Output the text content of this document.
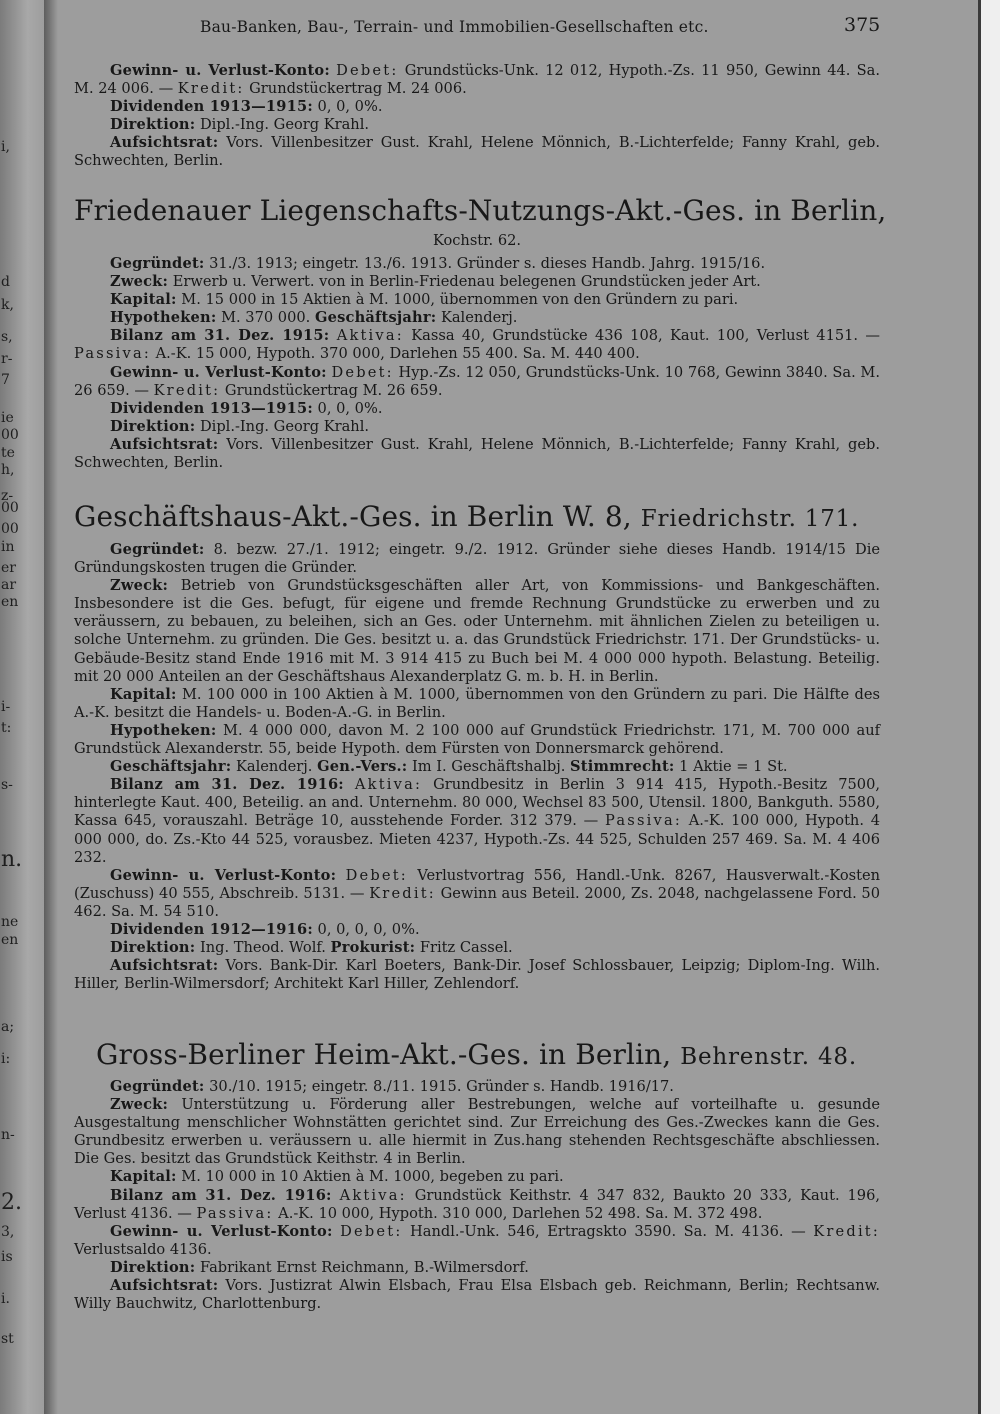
i,
d
k,
s,
r-
7
ie
00
te
h,
z-
00
00
in
er
ar
en
i-
t:
s-
n.
ne
en
a;
i:
n-
2.
3,
is
i.
st
Bau-Banken, Bau-, Terrain- und Immobilien-Gesellschaften etc.	375

Gewinn- u. Verlust-Konto: Debet: Grundstücks-Unk. 12 012, Hypoth.-Zs. 11 950, Gewinn 44. Sa. M. 24 006. — Kredit: Grundstückertrag M. 24 006.

Dividenden 1913—1915: 0, 0, 0%.

Direktion: Dipl.-Ing. Georg Krahl.

Aufsichtsrat: Vors. Villenbesitzer Gust. Krahl, Helene Mönnich, B.-Lichterfelde; Fanny Krahl, geb. Schwechten, Berlin.

Friedenauer Liegenschafts-Nutzungs-Akt.-Ges. in Berlin,
Kochstr. 62.

Gegründet: 31./3. 1913; eingetr. 13./6. 1913. Gründer s. dieses Handb. Jahrg. 1915/16.

Zweck: Erwerb u. Verwert. von in Berlin-Friedenau belegenen Grundstücken jeder Art.

Kapital: M. 15 000 in 15 Aktien à M. 1000, übernommen von den Gründern zu pari.

Hypotheken: M. 370 000. Geschäftsjahr: Kalenderj.

Bilanz am 31. Dez. 1915: Aktiva: Kassa 40, Grundstücke 436 108, Kaut. 100, Verlust 4151. — Passiva: A.-K. 15 000, Hypoth. 370 000, Darlehen 55 400. Sa. M. 440 400.

Gewinn- u. Verlust-Konto: Debet: Hyp.-Zs. 12 050, Grundstücks-Unk. 10 768, Gewinn 3840. Sa. M. 26 659. — Kredit: Grundstückertrag M. 26 659.

Dividenden 1913—1915: 0, 0, 0%.

Direktion: Dipl.-Ing. Georg Krahl.

Aufsichtsrat: Vors. Villenbesitzer Gust. Krahl, Helene Mönnich, B.-Lichterfelde; Fanny Krahl, geb. Schwechten, Berlin.

Geschäftshaus-Akt.-Ges. in Berlin W. 8, Friedrichstr. 171.

Gegründet: 8. bezw. 27./1. 1912; eingetr. 9./2. 1912. Gründer siehe dieses Handb. 1914/15 Die Gründungskosten trugen die Gründer.

Zweck: Betrieb von Grundstücksgeschäften aller Art, von Kommissions- und Bankgeschäften. Insbesondere ist die Ges. befugt, für eigene und fremde Rechnung Grundstücke zu erwerben und zu veräussern, zu bebauen, zu beleihen, sich an Ges. oder Unternehm. mit ähnlichen Zielen zu beteiligen u. solche Unternehm. zu gründen. Die Ges. besitzt u. a. das Grundstück Friedrichstr. 171. Der Grundstücks- u. Gebäude-Besitz stand Ende 1916 mit M. 3 914 415 zu Buch bei M. 4 000 000 hypoth. Belastung. Beteilig. mit 20 000 Anteilen an der Geschäftshaus Alexanderplatz G. m. b. H. in Berlin.

Kapital: M. 100 000 in 100 Aktien à M. 1000, übernommen von den Gründern zu pari. Die Hälfte des A.-K. besitzt die Handels- u. Boden-A.-G. in Berlin.

Hypotheken: M. 4 000 000, davon M. 2 100 000 auf Grundstück Friedrichstr. 171, M. 700 000 auf Grundstück Alexanderstr. 55, beide Hypoth. dem Fürsten von Donnersmarck gehörend.

Geschäftsjahr: Kalenderj. Gen.-Vers.: Im I. Geschäftshalbj. Stimmrecht: 1 Aktie = 1 St.

Bilanz am 31. Dez. 1916: Aktiva: Grundbesitz in Berlin 3 914 415, Hypoth.-Besitz 7500, hinterlegte Kaut. 400, Beteilig. an and. Unternehm. 80 000, Wechsel 83 500, Utensil. 1800, Bankguth. 5580, Kassa 645, vorauszahl. Beträge 10, ausstehende Forder. 312 379. — Passiva: A.-K. 100 000, Hypoth. 4 000 000, do. Zs.-Kto 44 525, vorausbez. Mieten 4237, Hypoth.-Zs. 44 525, Schulden 257 469. Sa. M. 4 406 232.

Gewinn- u. Verlust-Konto: Debet: Verlustvortrag 556, Handl.-Unk. 8267, Hausverwalt.-Kosten (Zuschuss) 40 555, Abschreib. 5131. — Kredit: Gewinn aus Beteil. 2000, Zs. 2048, nachgelassene Ford. 50 462. Sa. M. 54 510.

Dividenden 1912—1916: 0, 0, 0, 0, 0%.

Direktion: Ing. Theod. Wolf. Prokurist: Fritz Cassel.

Aufsichtsrat: Vors. Bank-Dir. Karl Boeters, Bank-Dir. Josef Schlossbauer, Leipzig; Diplom-Ing. Wilh. Hiller, Berlin-Wilmersdorf; Architekt Karl Hiller, Zehlendorf.

Gross-Berliner Heim-Akt.-Ges. in Berlin, Behrenstr. 48.

Gegründet: 30./10. 1915; eingetr. 8./11. 1915. Gründer s. Handb. 1916/17.

Zweck: Unterstützung u. Förderung aller Bestrebungen, welche auf vorteilhafte u. gesunde Ausgestaltung menschlicher Wohnstätten gerichtet sind. Zur Erreichung des Ges.-Zweckes kann die Ges. Grundbesitz erwerben u. veräussern u. alle hiermit in Zus.hang stehenden Rechtsgeschäfte abschliessen. Die Ges. besitzt das Grundstück Keithstr. 4 in Berlin.

Kapital: M. 10 000 in 10 Aktien à M. 1000, begeben zu pari.

Bilanz am 31. Dez. 1916: Aktiva: Grundstück Keithstr. 4 347 832, Baukto 20 333, Kaut. 196, Verlust 4136. — Passiva: A.-K. 10 000, Hypoth. 310 000, Darlehen 52 498. Sa. M. 372 498.

Gewinn- u. Verlust-Konto: Debet: Handl.-Unk. 546, Ertragskto 3590. Sa. M. 4136. — Kredit: Verlustsaldo 4136.

Direktion: Fabrikant Ernst Reichmann, B.-Wilmersdorf.

Aufsichtsrat: Vors. Justizrat Alwin Elsbach, Frau Elsa Elsbach geb. Reichmann, Berlin; Rechtsanw. Willy Bauchwitz, Charlottenburg.
